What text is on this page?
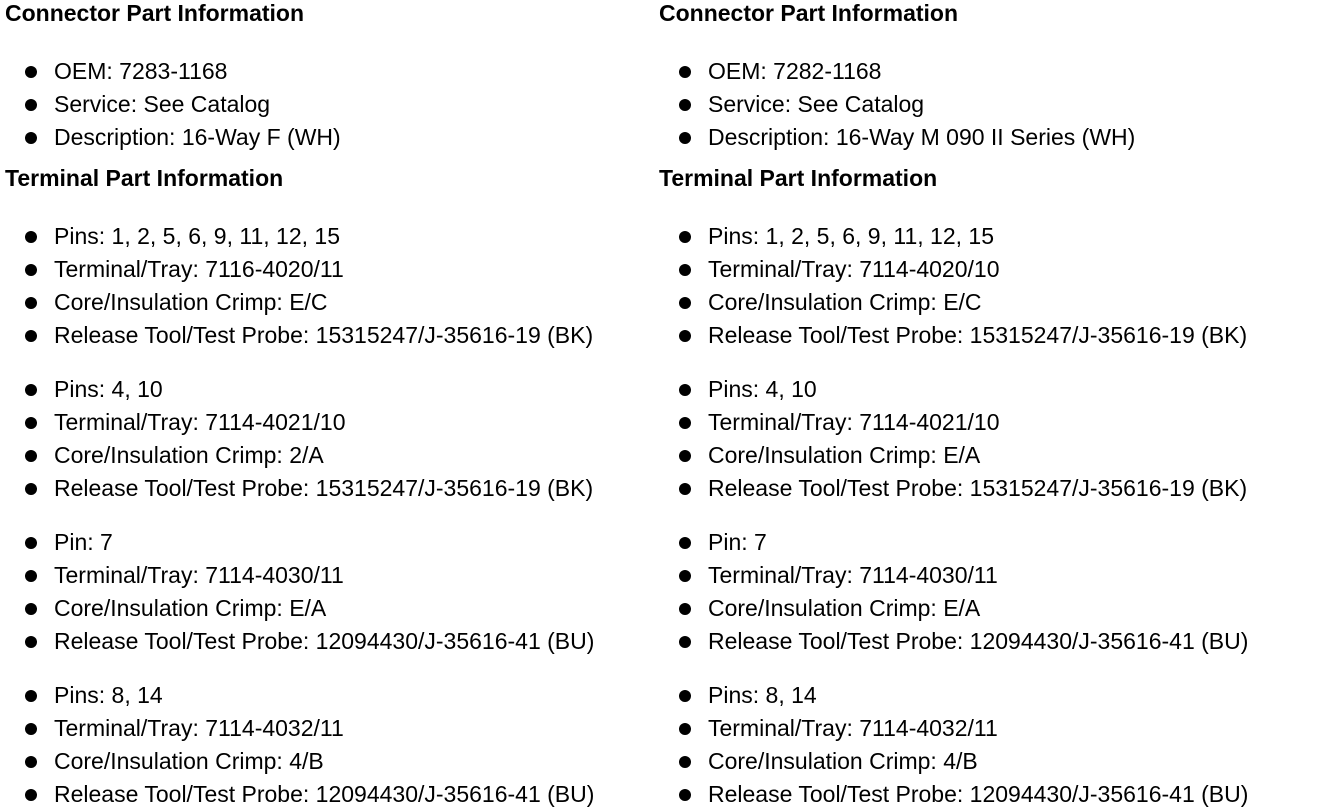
Connector Part Information
OEM: 7283-1168
Service: See Catalog
Description: 16-Way F (WH)
Terminal Part Information
Pins: 1, 2, 5, 6, 9, 11, 12, 15
Terminal/Tray: 7116-4020/11
Core/Insulation Crimp: E/C
Release Tool/Test Probe: 15315247/J-35616-19 (BK)
Pins: 4, 10
Terminal/Tray: 7114-4021/10
Core/Insulation Crimp: 2/A
Release Tool/Test Probe: 15315247/J-35616-19 (BK)
Pin: 7
Terminal/Tray: 7114-4030/11
Core/Insulation Crimp: E/A
Release Tool/Test Probe: 12094430/J-35616-41 (BU)
Pins: 8, 14
Terminal/Tray: 7114-4032/11
Core/Insulation Crimp: 4/B
Release Tool/Test Probe: 12094430/J-35616-41 (BU)
Connector Part Information
OEM: 7282-1168
Service: See Catalog
Description: 16-Way M 090 II Series (WH)
Terminal Part Information
Pins: 1, 2, 5, 6, 9, 11, 12, 15
Terminal/Tray: 7114-4020/10
Core/Insulation Crimp: E/C
Release Tool/Test Probe: 15315247/J-35616-19 (BK)
Pins: 4, 10
Terminal/Tray: 7114-4021/10
Core/Insulation Crimp: E/A
Release Tool/Test Probe: 15315247/J-35616-19 (BK)
Pin: 7
Terminal/Tray: 7114-4030/11
Core/Insulation Crimp: E/A
Release Tool/Test Probe: 12094430/J-35616-41 (BU)
Pins: 8, 14
Terminal/Tray: 7114-4032/11
Core/Insulation Crimp: 4/B
Release Tool/Test Probe: 12094430/J-35616-41 (BU)
